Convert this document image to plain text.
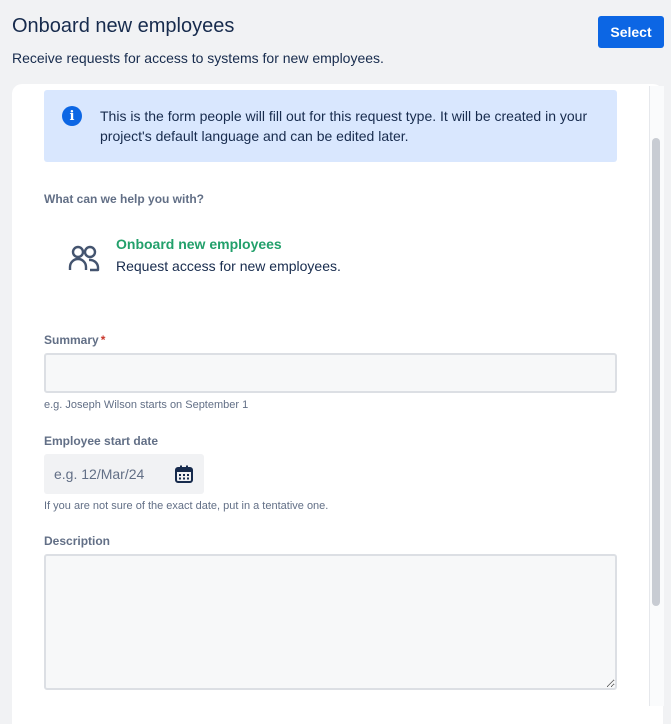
Onboard new employees
Receive requests for access to systems for new employees.
Select
i	This is the form people will fill out for this request type. It will be created in your project's default language and can be edited later.
What can we help you with?
Onboard new employees
Request access for new employees.
Summary *
e.g. Joseph Wilson starts on September 1
Employee start date
e.g. 12/Mar/24
If you are not sure of the exact date, put in a tentative one.
Description
